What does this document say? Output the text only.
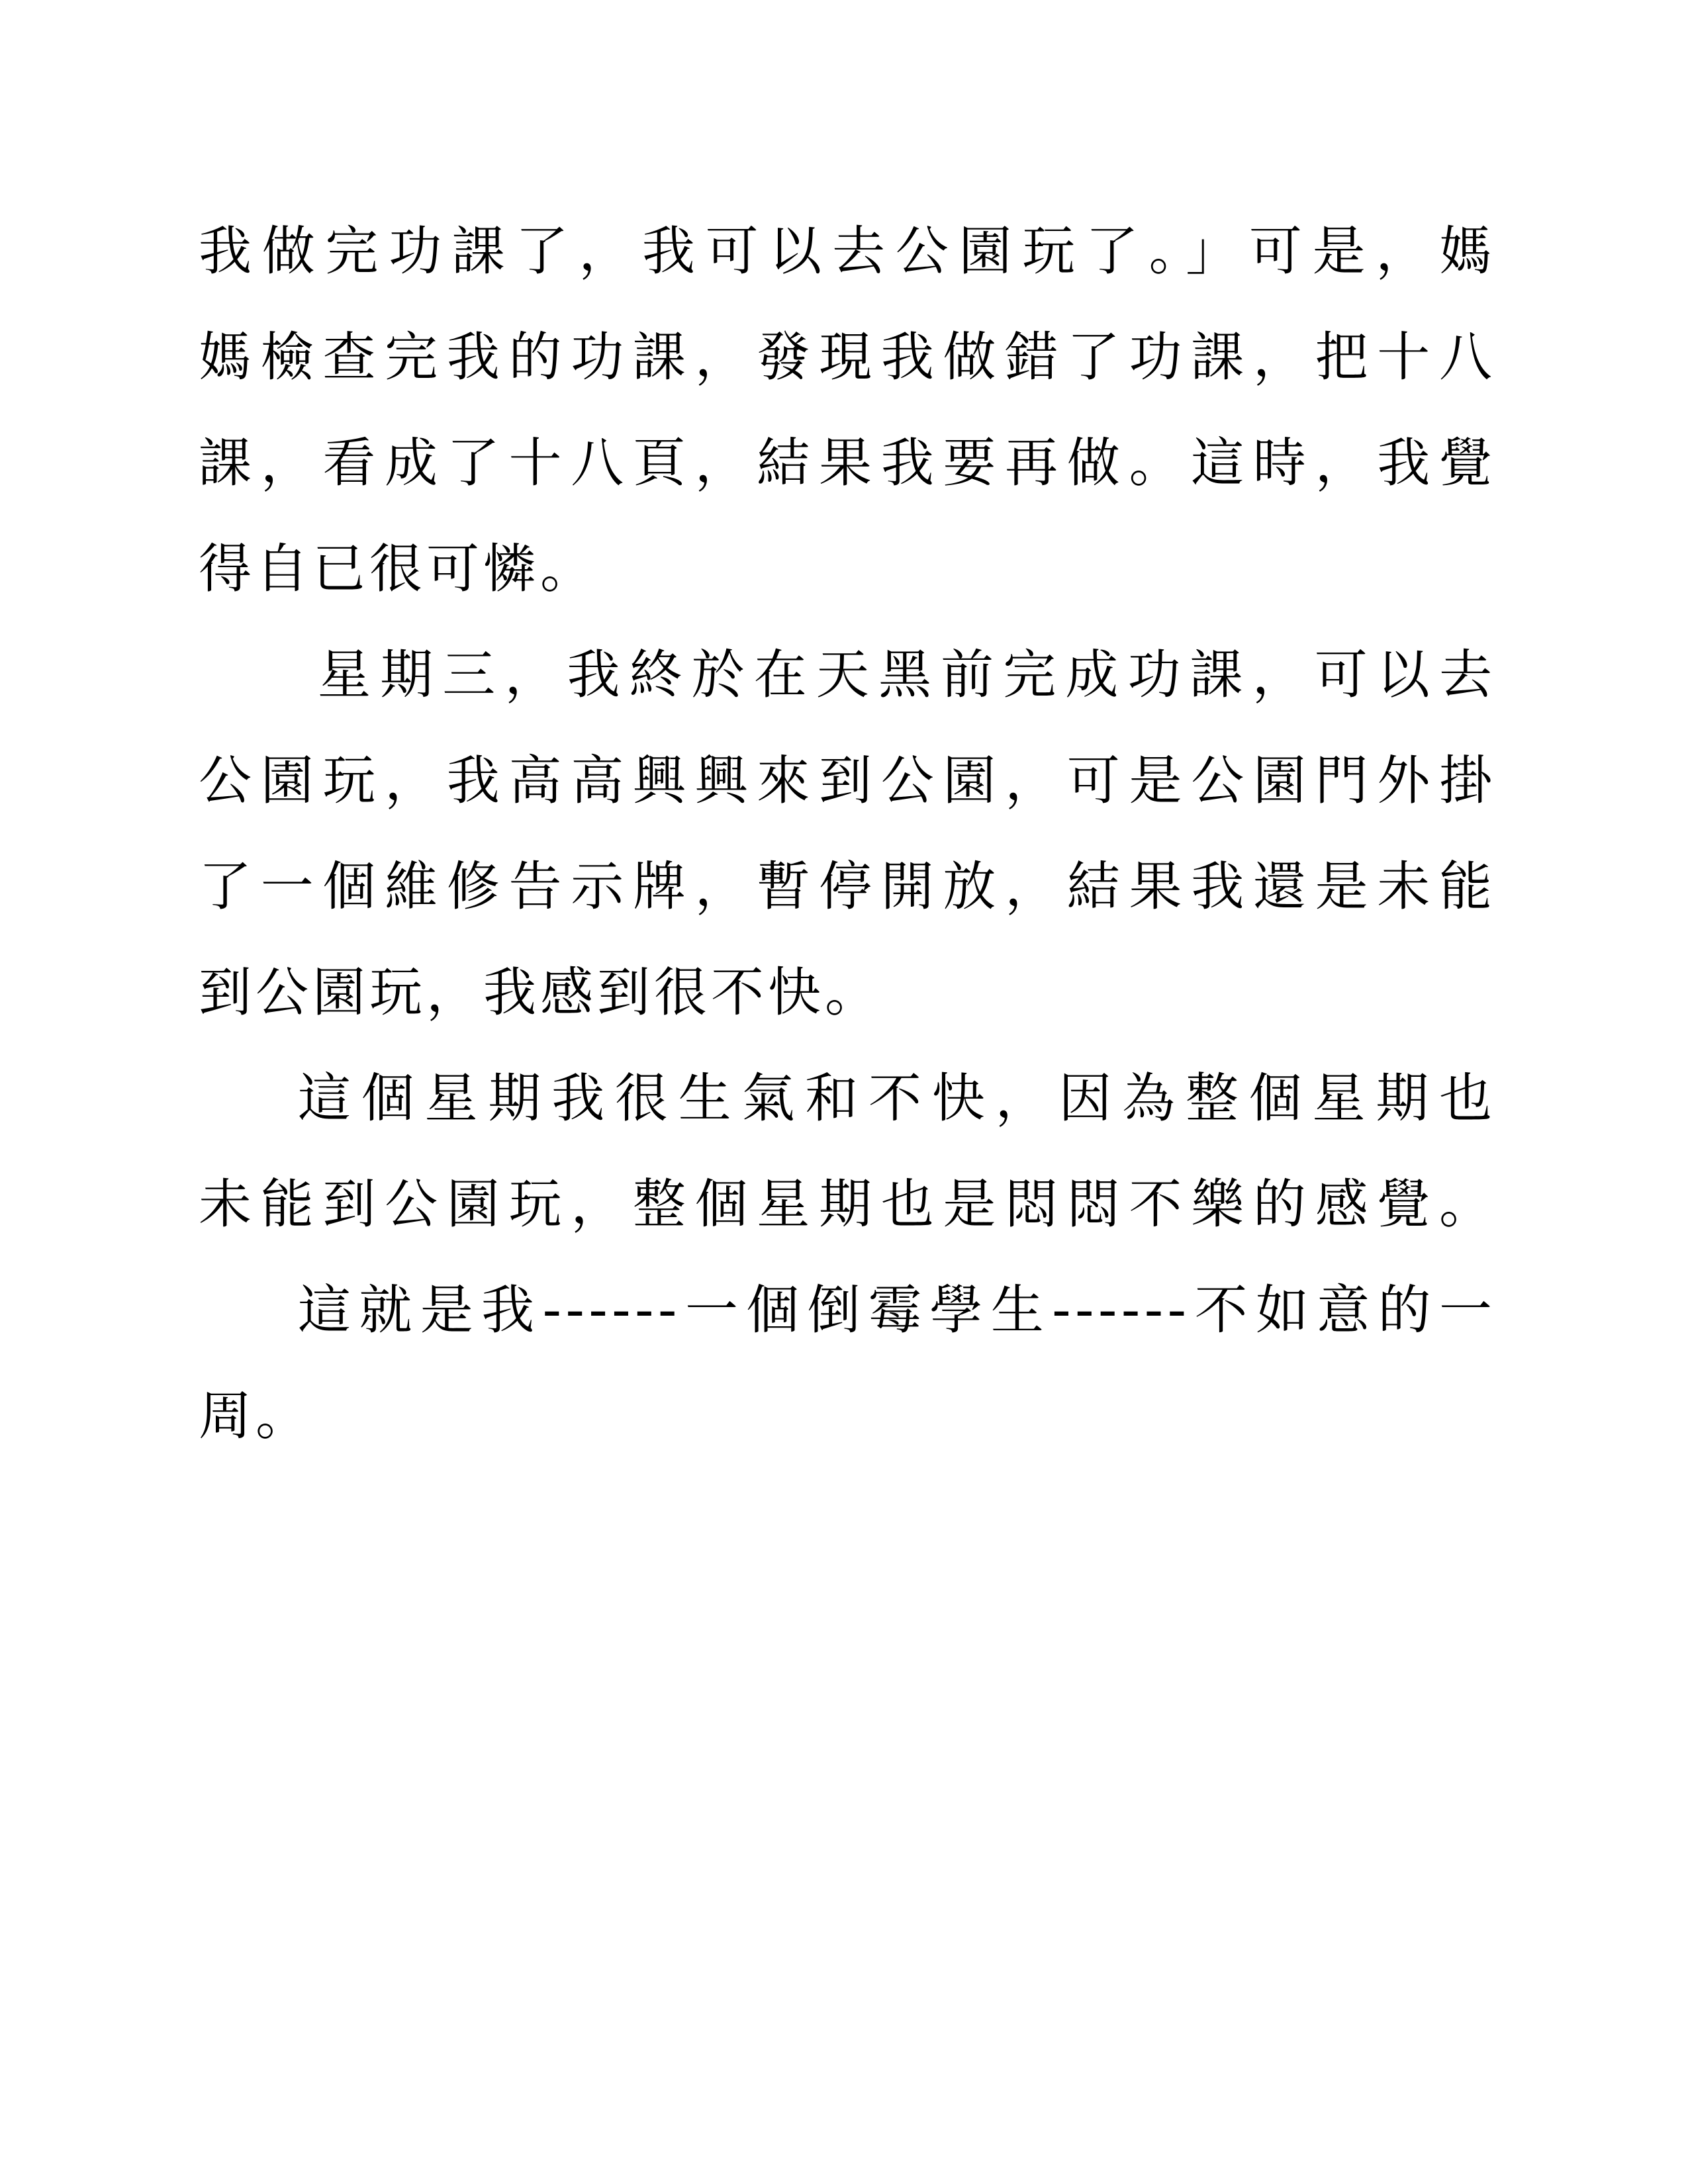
我做完功課了，我可以去公園玩了。」可是，媽
媽檢查完我的功課，發現我做錯了功課，把十八
課，看成了十八頁，結果我要再做。這時，我覺
得自已很可憐。
星期三，我終於在天黑前完成功課，可以去
公園玩，我高高興興來到公園，可是公園門外掛
了一個維修告示牌，暫停開放，結果我還是未能
到公園玩，我感到很不快。
這個星期我很生氣和不快，因為整個星期也
未能到公園玩，整個星期也是悶悶不樂的感覺。
這就是我------一個倒霉學生------不如意的一
周。
